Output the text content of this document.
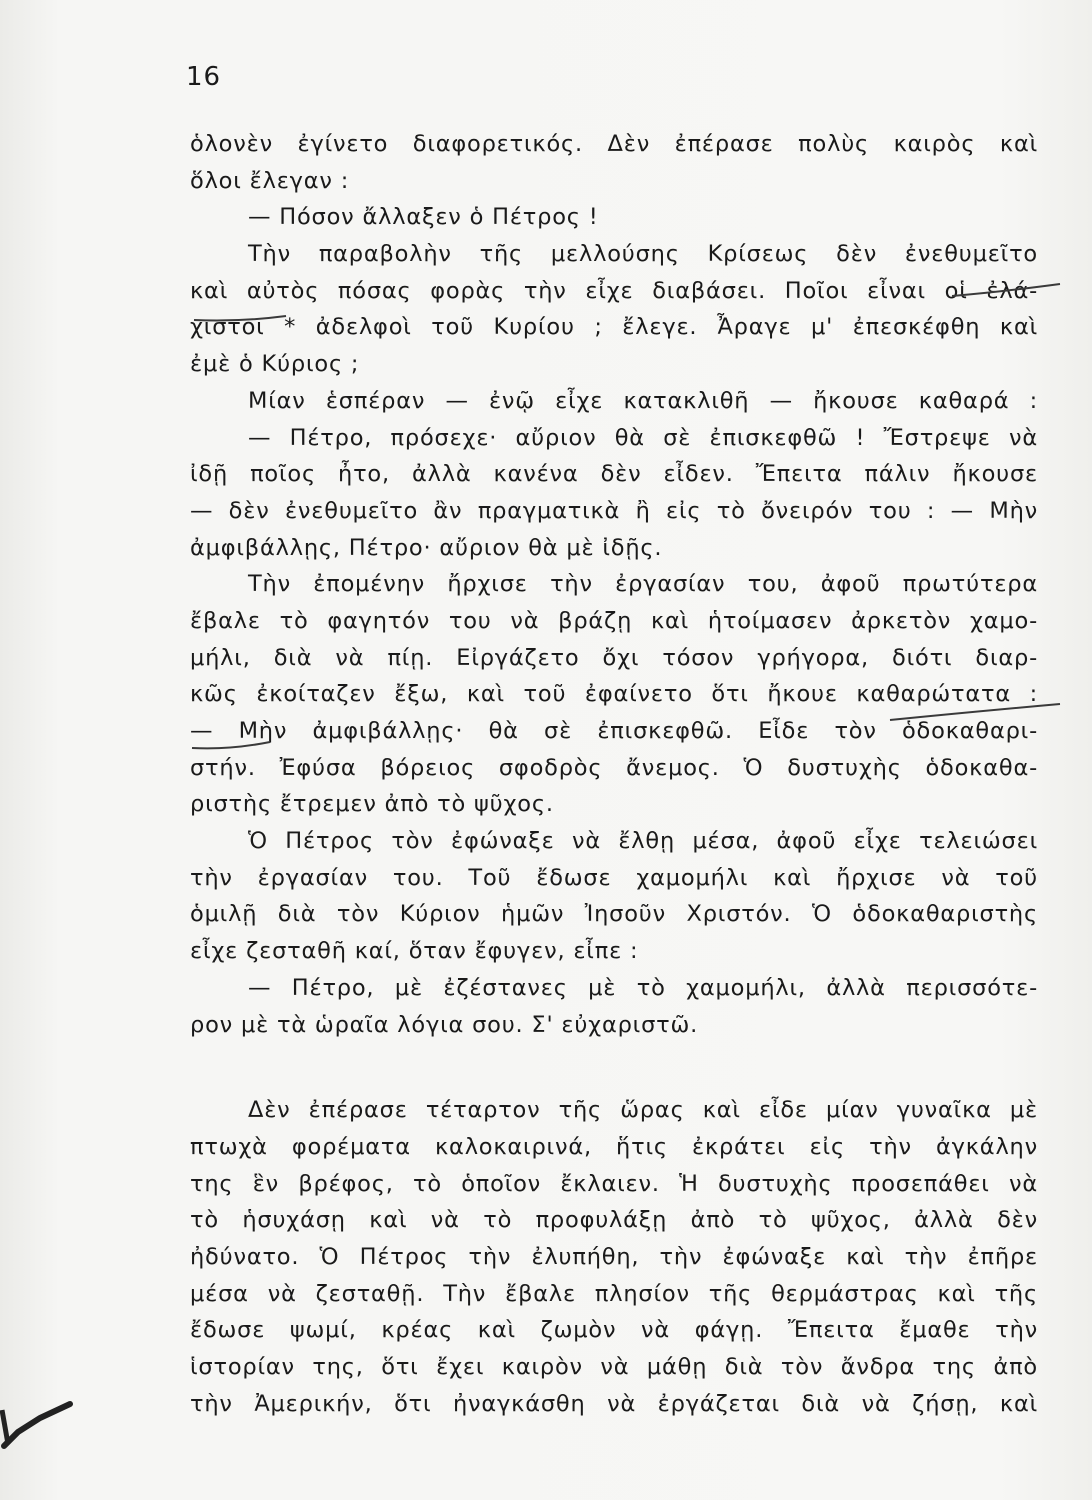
16
ὁλονὲν ἐγίνετο διαφορετικός. Δὲν ἐπέρασε πολὺς καιρὸς καὶ
ὅλοι ἔλεγαν :
— Πόσον ἄλλαξεν ὁ Πέτρος !
Τὴν παραβολὴν τῆς μελλούσης Κρίσεως δὲν ἐνεθυμεῖτο
καὶ αὐτὸς πόσας φορὰς τὴν εἶχε διαβάσει. Ποῖοι εἶναι οἱ ἐλά-
χιστοι * ἀδελφοὶ τοῦ Κυρίου ; ἔλεγε. Ἆραγε μ' ἐπεσκέφθη καὶ
ἐμὲ ὁ Κύριος ;
Μίαν ἑσπέραν — ἐνῷ εἶχε κατακλιθῆ — ἤκουσε καθαρά :
— Πέτρο, πρόσεχε· αὔριον θὰ σὲ ἐπισκεφθῶ ! Ἔστρεψε νὰ
ἰδῇ ποῖος ἦτο, ἀλλὰ κανένα δὲν εἶδεν. Ἔπειτα πάλιν ἤκουσε
— δὲν ἐνεθυμεῖτο ἂν πραγματικὰ ἢ εἰς τὸ ὄνειρόν του : — Μὴν
ἀμφιβάλλῃς, Πέτρο· αὔριον θὰ μὲ ἰδῇς.
Τὴν ἐπομένην ἤρχισε τὴν ἐργασίαν του, ἀφοῦ πρωτύτερα
ἔβαλε τὸ φαγητόν του νὰ βράζῃ καὶ ἡτοίμασεν ἀρκετὸν χαμο-
μήλι, διὰ νὰ πίῃ. Εἰργάζετο ὄχι τόσον γρήγορα, διότι διαρ-
κῶς ἐκοίταζεν ἔξω, καὶ τοῦ ἐφαίνετο ὅτι ἤκουε καθαρώτατα :
— Μὴν ἀμφιβάλλῃς· θὰ σὲ ἐπισκεφθῶ. Εἶδε τὸν ὁδοκαθαρι-
στήν. Ἐφύσα βόρειος σφοδρὸς ἄνεμος. Ὁ δυστυχὴς ὁδοκαθα-
ριστὴς ἔτρεμεν ἀπὸ τὸ ψῦχος.
Ὁ Πέτρος τὸν ἐφώναξε νὰ ἔλθῃ μέσα, ἀφοῦ εἶχε τελειώσει
τὴν ἐργασίαν του. Τοῦ ἔδωσε χαμομήλι καὶ ἤρχισε νὰ τοῦ
ὁμιλῇ διὰ τὸν Κύριον ἡμῶν Ἰησοῦν Χριστόν. Ὁ ὁδοκαθαριστὴς
εἶχε ζεσταθῆ καί, ὅταν ἔφυγεν, εἶπε :
— Πέτρο, μὲ ἐζέστανες μὲ τὸ χαμομήλι, ἀλλὰ περισσότε-
ρον μὲ τὰ ὡραῖα λόγια σου. Σ' εὐχαριστῶ.
Δὲν ἐπέρασε τέταρτον τῆς ὥρας καὶ εἶδε μίαν γυναῖκα μὲ
πτωχὰ φορέματα καλοκαιρινά, ἥτις ἐκράτει εἰς τὴν ἀγκάλην
της ἓν βρέφος, τὸ ὁποῖον ἔκλαιεν. Ἡ δυστυχὴς προσεπάθει νὰ
τὸ ἡσυχάσῃ καὶ νὰ τὸ προφυλάξῃ ἀπὸ τὸ ψῦχος, ἀλλὰ δὲν
ἠδύνατο. Ὁ Πέτρος τὴν ἐλυπήθη, τὴν ἐφώναξε καὶ τὴν ἐπῆρε
μέσα νὰ ζεσταθῇ. Τὴν ἔβαλε πλησίον τῆς θερμάστρας καὶ τῆς
ἔδωσε ψωμί, κρέας καὶ ζωμὸν νὰ φάγῃ. Ἔπειτα ἔμαθε τὴν
ἱστορίαν της, ὅτι ἔχει καιρὸν νὰ μάθῃ διὰ τὸν ἄνδρα της ἀπὸ
τὴν Ἀμερικήν, ὅτι ἠναγκάσθη νὰ ἐργάζεται διὰ νὰ ζήσῃ, καὶ
